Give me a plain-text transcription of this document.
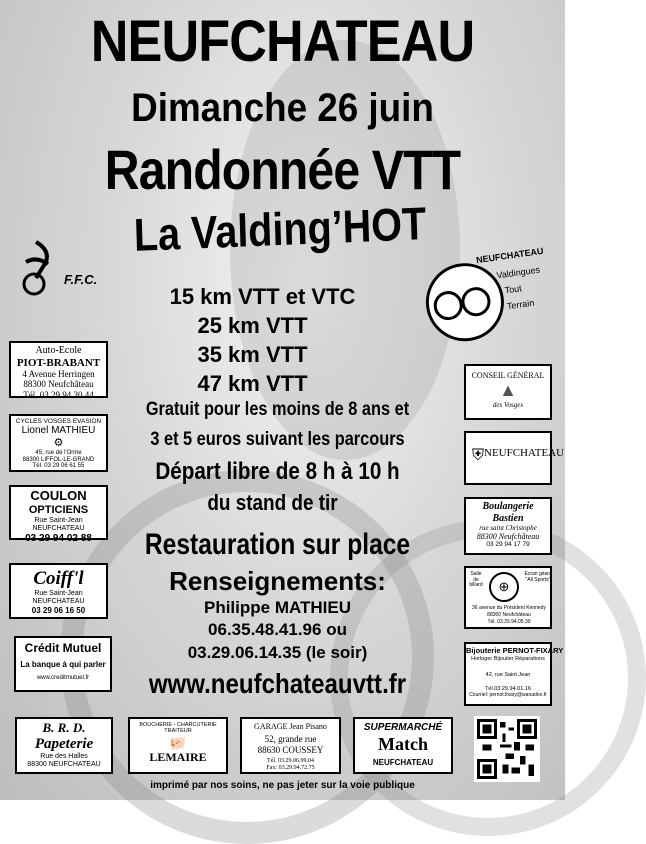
NEUFCHATEAU
Dimanche 26 juin
Randonnée VTT
La Valding’HOT
15 km VTT et VTC
25 km VTT
35 km VTT
47 km VTT
Gratuit pour les moins de 8 ans et
3 et 5 euros suivant les parcours
Départ libre de 8 h à 10 h
du stand de tir
Restauration sur place
Renseignements:
Philippe MATHIEU
06.35.48.41.96 ou
03.29.06.14.35 (le soir)
www.neufchateauvtt.fr
imprimé par nos soins, ne pas jeter sur la voie publique
F.F.C.
NEUFCHATEAU
Valdingues
Tout
Terrain
Auto-Ecole
PIOT-BRABANT
4 Avenue Herringen
88300 Neufchâteau
Tél. 03 29 94 30 44
CYCLES VOSGES EVASION
Lionel MATHIEU
⚙
45, rue de l'Orme
88300 LIFFOL-LE-GRAND
Tél. 03 29 06 61 55
COULON
OPTICIENS
Rue Saint-Jean
NEUFCHATEAU
03 29 94 02 88
Coiff'l
Rue Saint-Jean
NEUFCHATEAU
03 29 06 16 50
Crédit Mutuel
La banque à qui parler
www.creditmutuel.fr
B. R. D.
Papeterie
Rue des Halles
88300 NEUFCHATEAU
BOUCHERIE - CHARCUTERIE
TRAITEUR
🐖
LEMAIRE
GARAGE Jean Pisano
52, grande rue
88630 COUSSEY
Tél. 03.29.06.99.04
Fax: 03.29.94.72.75
SUPERMARCHÉ
Match
NEUFCHATEAU
CONSEIL GÉNÉRAL
▲
des Vosges
⛨ NEUFCHATEAU
Boulangerie
Bastien
rue saint Christophe
88300 Neufchâteau
03 29 94 17 79
Salle de billard	⊕
Ecran géant "All Sports"
36 avenue du Président Kennedy
88300 Neufchâteau
Tél. 03.29.94.05.39
Bijouterie PERNOT-FIXARY
Horloger Bijoutier Réparations
42, rue Saint Jean
Tél.03.29.94.01.16
Courriel: pernot.fixary@wanadoo.fr
